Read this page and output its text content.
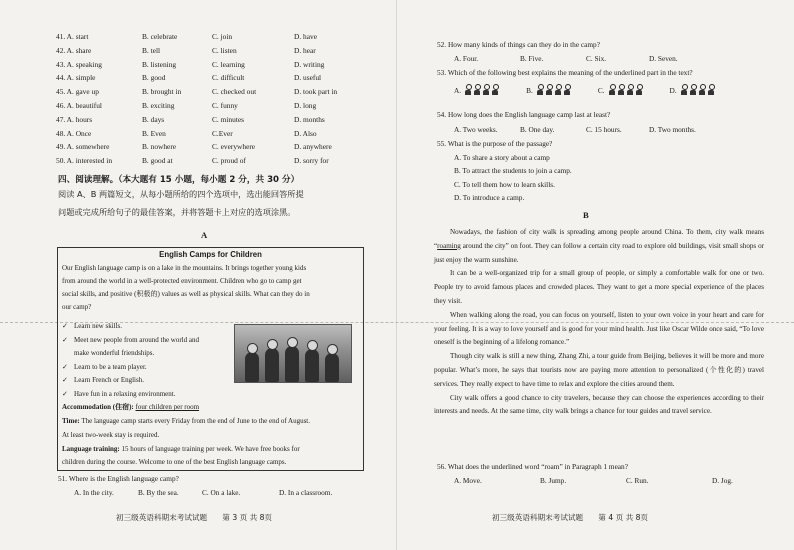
41. A. start	B. celebrate	C. join	D. have
42. A. share	B. tell	C. listen	D. hear
43. A. speaking	B. listening	C. learning	D. writing
44. A. simple	B. good	C. difficult	D. useful
45. A. gave up	B. brought in	C. checked out	D. took part in
46. A. beautiful	B. exciting	C. funny	D. long
47. A. hours	B. days	C. minutes	D. months
48. A. Once	B. Even	C.Ever	D. Also
49. A. somewhere	B. nowhere	C. everywhere	D. anywhere
50. A. interested in	B. good at	C. proud of	D. sorry for
四、阅读理解。（本大题有 15 小题，每小题 2 分，共 30 分）
阅读 A、B 两篇短文，从每小题所给的四个选项中，选出能回答所提
问题或完成所给句子的最佳答案，并将答题卡上对应的选项涂黑。
A
English Camps for Children
Our English language camp is on a lake in the mountains. It brings together young kids
from around the world in a well-protected environment. Children who go to camp get
social skills, and positive (积极的) values as well as physical skills. What can they do in
our camp?
✓ Learn new skills.
✓ Meet new people from around the world and
make wonderful friendships.
✓ Learn to be a team player.
✓ Learn French or English.
✓ Have fun in a relaxing environment.
Accommodation (住宿): four children per room
Time: The language camp starts every Friday from the end of June to the end of August.
At least two-week stay is required.
Language training: 15 hours of language training per week. We have free books for
children during the course. Welcome to one of the best English language camps.
51. Where is the English language camp?
A. In the city.	B. By the sea.	C. On a lake.	D. In a classroom.
初三级英语科期末考试试题　　第 3 页 共 8页
52. How many kinds of things can they do in the camp?
A. Four.	B. Five.	C. Six.	D. Seven.
53. Which of the following best explains the meaning of the underlined part in the text?
A.	B.	C.	D.
54. How long does the English language camp last at least?
A. Two weeks.	B. One day.	C. 15 hours.	D. Two months.
55. What is the purpose of the passage?
A. To share a story about a camp
B. To attract the students to join a camp.
C. To tell them how to learn skills.
D. To introduce a camp.
B
初三级英语科期末考试试题　　第 4 页 共 8页

Nowadays, the fashion of city walk is spreading among people around China. To them, city walk means “roaming around the city” on foot. They can follow a certain city road to explore old buildings, visit small shops or just enjoy the warm sunshine.

It can be a well-organized trip for a small group of people, or simply a comfortable walk for one or two. People try to avoid famous places and crowded places. They want to get a more special experience of the places they visit.

When walking along the road, you can focus on yourself, listen to your own voice in your heart and care for your feeling. It is a way to love yourself and is good for your mind health. Just like Oscar Wilde once said, “To love oneself is the beginning of a lifelong romance.”

Though city walk is still a new thing, Zhang Zhi, a tour guide from Beijing, believes it will be more and more popular. What’s more, he says that tourists now are paying more attention to personalized (个性化的) travel services. They really expect to have time to relax and explore the cities around them.

City walk offers a good chance to city travelers, because they can choose the experiences according to their interests and needs. At the same time, city walk brings a chance for tour guides and travel service.

56. What does the underlined word “roam” in Paragraph 1 mean?
A. Move.	B. Jump.	C. Run.	D. Jog.
